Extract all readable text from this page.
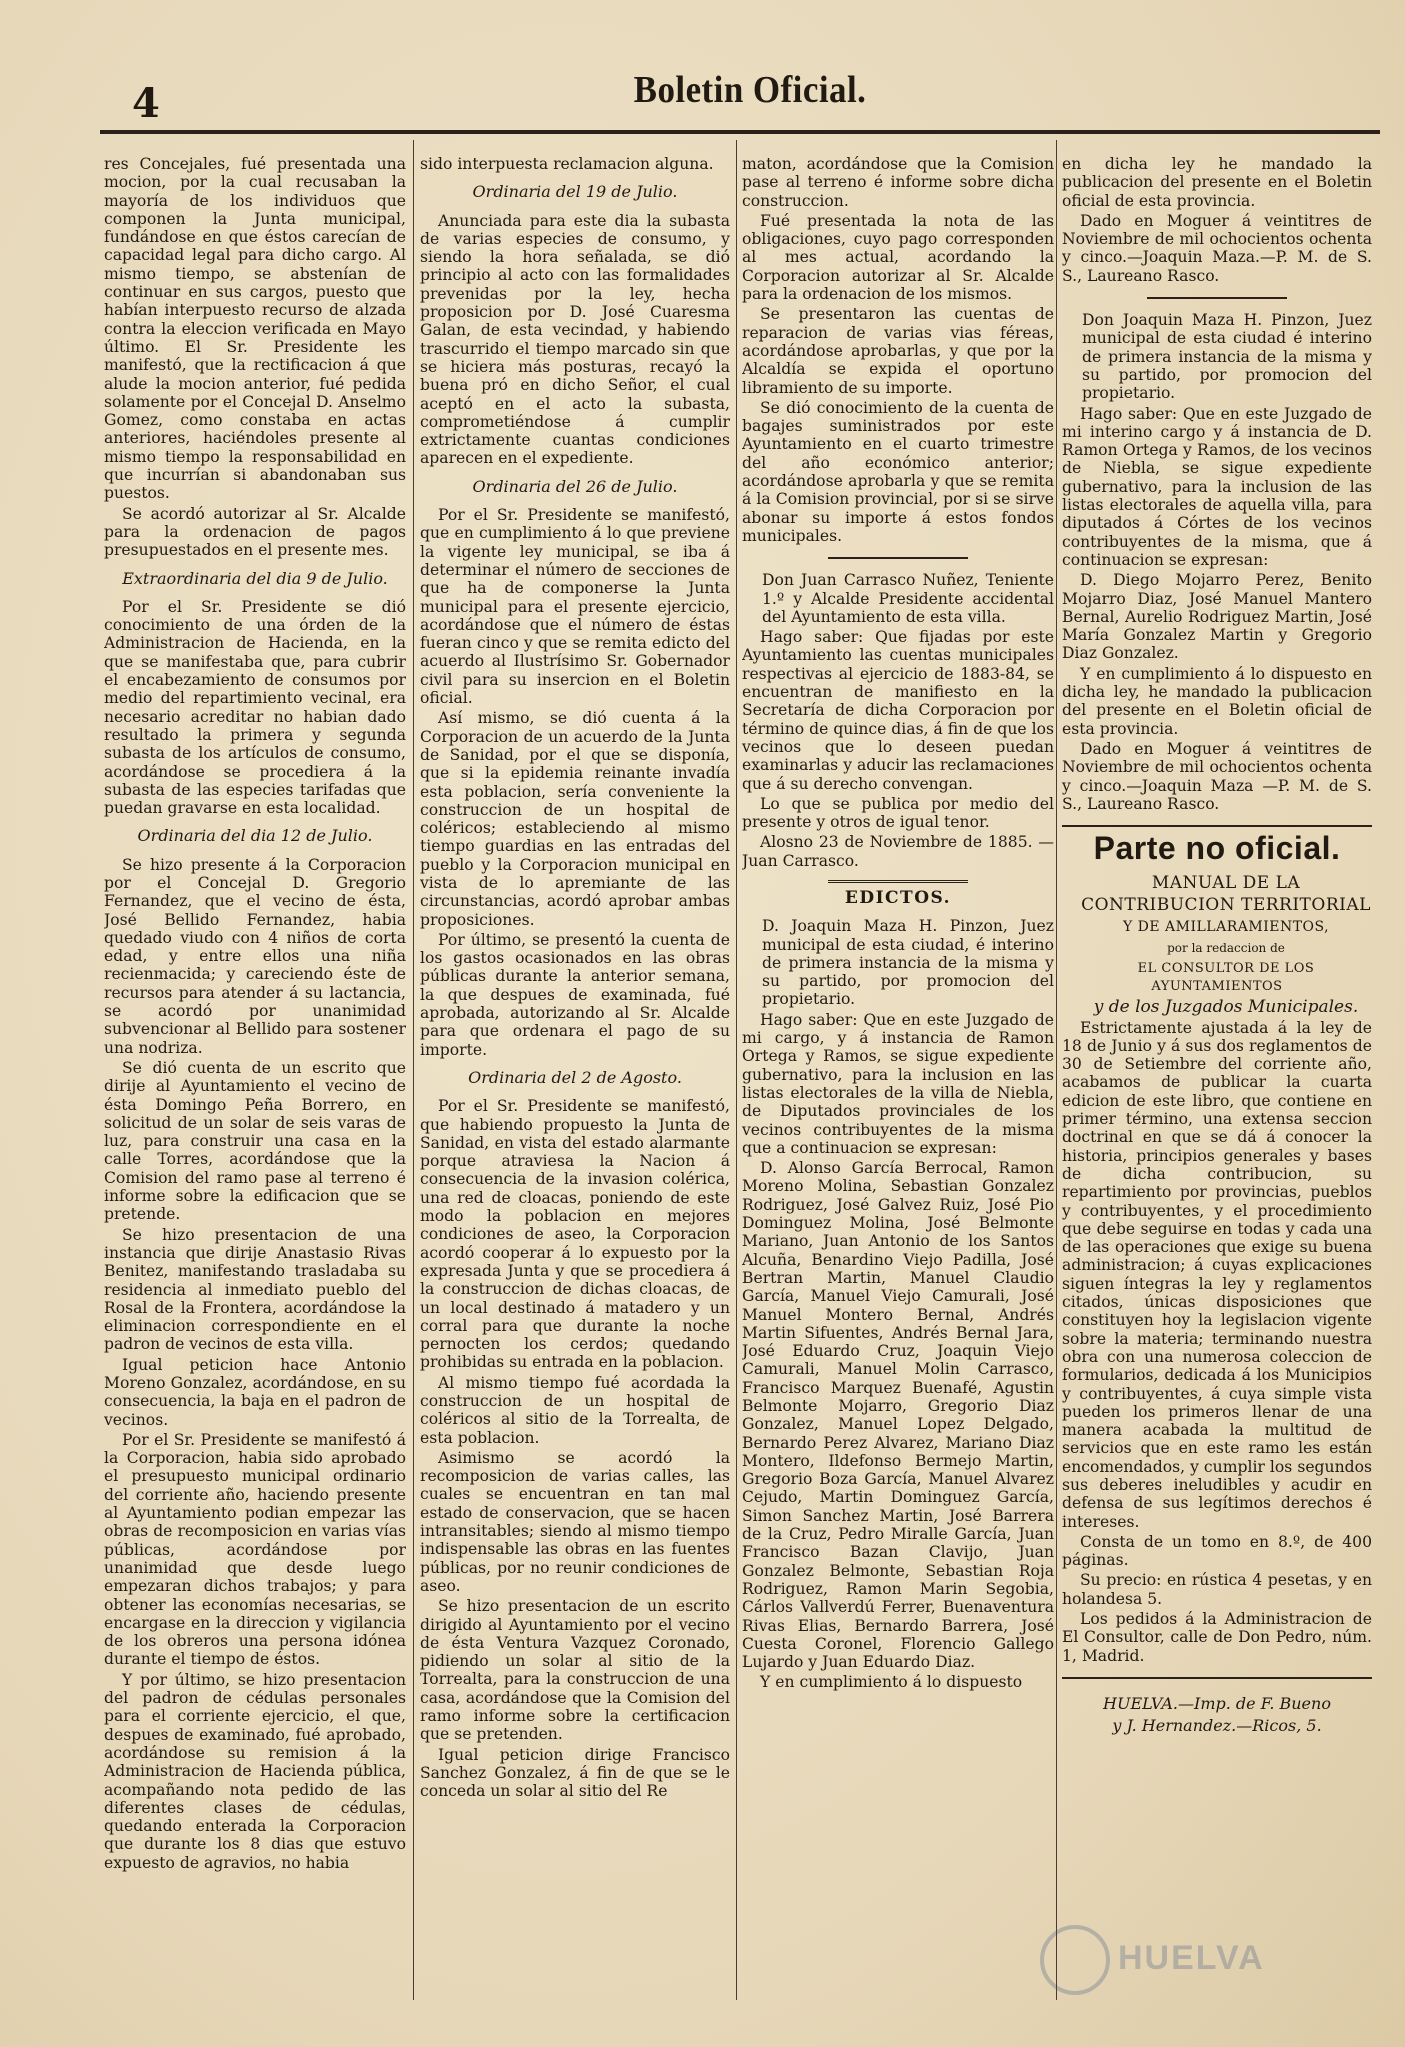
4	Boletin Oficial.

res Concejales, fué presentada una mocion, por la cual recusaban la mayoría de los individuos que componen la Junta municipal, fundándose en que éstos carecían de capacidad legal para dicho cargo. Al mismo tiempo, se abstenían de continuar en sus cargos, puesto que habían interpuesto recurso de alzada contra la eleccion verificada en Mayo último. El Sr. Presidente les manifestó, que la rectificacion á que alude la mocion anterior, fué pedida solamente por el Concejal D. Anselmo Gomez, como constaba en actas anteriores, haciéndoles presente al mismo tiempo la responsabilidad en que incurrían si abandonaban sus puestos.

Se acordó autorizar al Sr. Alcalde para la ordenacion de pagos presupuestados en el presente mes.

Extraordinaria del dia 9 de Julio.

Por el Sr. Presidente se dió conocimiento de una órden de la Administracion de Hacienda, en la que se manifestaba que, para cubrir el encabezamiento de consumos por medio del repartimiento vecinal, era necesario acreditar no habian dado resultado la primera y segunda subasta de los artículos de consumo, acordándose se procediera á la subasta de las especies tarifadas que puedan gravarse en esta localidad.

Ordinaria del dia 12 de Julio.

Se hizo presente á la Corporacion por el Concejal D. Gregorio Fernandez, que el vecino de ésta, José Bellido Fernandez, habia quedado viudo con 4 niños de corta edad, y entre ellos una niña recienmacida; y careciendo éste de recursos para atender á su lactancia, se acordó por unanimidad subvencionar al Bellido para sostener una nodriza.

Se dió cuenta de un escrito que dirije al Ayuntamiento el vecino de ésta Domingo Peña Borrero, en solicitud de un solar de seis varas de luz, para construir una casa en la calle Torres, acordándose que la Comision del ramo pase al terreno é informe sobre la edificacion que se pretende.

Se hizo presentacion de una instancia que dirije Anastasio Rivas Benitez, manifestando trasladaba su residencia al inmediato pueblo del Rosal de la Frontera, acordándose la eliminacion correspondiente en el padron de vecinos de esta villa.

Igual peticion hace Antonio Moreno Gonzalez, acordándose, en su consecuencia, la baja en el padron de vecinos.

Por el Sr. Presidente se manifestó á la Corporacion, habia sido aprobado el presupuesto municipal ordinario del corriente año, haciendo presente al Ayuntamiento podian empezar las obras de recomposicion en varias vías públicas, acordándose por unanimidad que desde luego empezaran dichos trabajos; y para obtener las economías necesarias, se encargase en la direccion y vigilancia de los obreros una persona idónea durante el tiempo de éstos.

Y por último, se hizo presentacion del padron de cédulas personales para el corriente ejercicio, el que, despues de examinado, fué aprobado, acordándose su remision á la Administracion de Hacienda pública, acompañando nota pedido de las diferentes clases de cédulas, quedando enterada la Corporacion que durante los 8 dias que estuvo expuesto de agravios, no habia

sido interpuesta reclamacion alguna.

Ordinaria del 19 de Julio.

Anunciada para este dia la subasta de varias especies de consumo, y siendo la hora señalada, se dió principio al acto con las formalidades prevenidas por la ley, hecha proposicion por D. José Cuaresma Galan, de esta vecindad, y habiendo trascurrido el tiempo marcado sin que se hiciera más posturas, recayó la buena pró en dicho Señor, el cual aceptó en el acto la subasta, comprometiéndose á cumplir extrictamente cuantas condiciones aparecen en el expediente.

Ordinaria del 26 de Julio.

Por el Sr. Presidente se manifestó, que en cumplimiento á lo que previene la vigente ley municipal, se iba á determinar el número de secciones de que ha de componerse la Junta municipal para el presente ejercicio, acordándose que el número de éstas fueran cinco y que se remita edicto del acuerdo al Ilustrísimo Sr. Gobernador civil para su insercion en el Boletin oficial.

Así mismo, se dió cuenta á la Corporacion de un acuerdo de la Junta de Sanidad, por el que se disponía, que si la epidemia reinante invadía esta poblacion, sería conveniente la construccion de un hospital de coléricos; estableciendo al mismo tiempo guardias en las entradas del pueblo y la Corporacion municipal en vista de lo apremiante de las circunstancias, acordó aprobar ambas proposiciones.

Por último, se presentó la cuenta de los gastos ocasionados en las obras públicas durante la anterior semana, la que despues de examinada, fué aprobada, autorizando al Sr. Alcalde para que ordenara el pago de su importe.

Ordinaria del 2 de Agosto.

Por el Sr. Presidente se manifestó, que habiendo propuesto la Junta de Sanidad, en vista del estado alarmante porque atraviesa la Nacion á consecuencia de la invasion colérica, una red de cloacas, poniendo de este modo la poblacion en mejores condiciones de aseo, la Corporacion acordó cooperar á lo expuesto por la expresada Junta y que se procediera á la construccion de dichas cloacas, de un local destinado á matadero y un corral para que durante la noche pernocten los cerdos; quedando prohibidas su entrada en la poblacion.

Al mismo tiempo fué acordada la construccion de un hospital de coléricos al sitio de la Torrealta, de esta poblacion.

Asimismo se acordó la recomposicion de varias calles, las cuales se encuentran en tan mal estado de conservacion, que se hacen intransitables; siendo al mismo tiempo indispensable las obras en las fuentes públicas, por no reunir condiciones de aseo.

Se hizo presentacion de un escrito dirigido al Ayuntamiento por el vecino de ésta Ventura Vazquez Coronado, pidiendo un solar al sitio de la Torrealta, para la construccion de una casa, acordándose que la Comision del ramo informe sobre la certificacion que se pretenden.

Igual peticion dirige Francisco Sanchez Gonzalez, á fin de que se le conceda un solar al sitio del Re

maton, acordándose que la Comision pase al terreno é informe sobre dicha construccion.

Fué presentada la nota de las obligaciones, cuyo pago corresponden al mes actual, acordando la Corporacion autorizar al Sr. Alcalde para la ordenacion de los mismos.

Se presentaron las cuentas de reparacion de varias vias féreas, acordándose aprobarlas, y que por la Alcaldía se expida el oportuno libramiento de su importe.

Se dió conocimiento de la cuenta de bagajes suministrados por este Ayuntamiento en el cuarto trimestre del año económico anterior; acordándose aprobarla y que se remita á la Comision provincial, por si se sirve abonar su importe á estos fondos municipales.

Don Juan Carrasco Nuñez, Teniente 1.º y Alcalde Presidente accidental del Ayuntamiento de esta villa.

Hago saber: Que fijadas por este Ayuntamiento las cuentas municipales respectivas al ejercicio de 1883-84, se encuentran de manifiesto en la Secretaría de dicha Corporacion por término de quince dias, á fin de que los vecinos que lo deseen puedan examinarlas y aducir las reclamaciones que á su derecho convengan.

Lo que se publica por medio del presente y otros de igual tenor.

Alosno 23 de Noviembre de 1885. —Juan Carrasco.

EDICTOS.

D. Joaquin Maza H. Pinzon, Juez municipal de esta ciudad, é interino de primera instancia de la misma y su partido, por promocion del propietario.

Hago saber: Que en este Juzgado de mi cargo, y á instancia de Ramon Ortega y Ramos, se sigue expediente gubernativo, para la inclusion en las listas electorales de la villa de Niebla, de Diputados provinciales de los vecinos contribuyentes de la misma que a continuacion se expresan:

D. Alonso García Berrocal, Ramon Moreno Molina, Sebastian Gonzalez Rodriguez, José Galvez Ruiz, José Pio Dominguez Molina, José Belmonte Mariano, Juan Antonio de los Santos Alcuña, Benardino Viejo Padilla, José Bertran Martin, Manuel Claudio García, Manuel Viejo Camurali, José Manuel Montero Bernal, Andrés Martin Sifuentes, Andrés Bernal Jara, José Eduardo Cruz, Joaquin Viejo Camurali, Manuel Molin Carrasco, Francisco Marquez Buenafé, Agustin Belmonte Mojarro, Gregorio Diaz Gonzalez, Manuel Lopez Delgado, Bernardo Perez Alvarez, Mariano Diaz Montero, Ildefonso Bermejo Martin, Gregorio Boza García, Manuel Alvarez Cejudo, Martin Dominguez García, Simon Sanchez Martin, José Barrera de la Cruz, Pedro Miralle García, Juan Francisco Bazan Clavijo, Juan Gonzalez Belmonte, Sebastian Roja Rodriguez, Ramon Marin Segobia, Cárlos Vallverdú Ferrer, Buenaventura Rivas Elias, Bernardo Barrera, José Cuesta Coronel, Florencio Gallego Lujardo y Juan Eduardo Diaz.

Y en cumplimiento á lo dispuesto

en dicha ley he mandado la publicacion del presente en el Boletin oficial de esta provincia.

Dado en Moguer á veintitres de Noviembre de mil ochocientos ochenta y cinco.—Joaquin Maza.—P. M. de S. S., Laureano Rasco.

Don Joaquin Maza H. Pinzon, Juez municipal de esta ciudad é interino de primera instancia de la misma y su partido, por promocion del propietario.

Hago saber: Que en este Juzgado de mi interino cargo y á instancia de D. Ramon Ortega y Ramos, de los vecinos de Niebla, se sigue expediente gubernativo, para la inclusion de las listas electorales de aquella villa, para diputados á Córtes de los vecinos contribuyentes de la misma, que á continuacion se expresan:

D. Diego Mojarro Perez, Benito Mojarro Diaz, José Manuel Mantero Bernal, Aurelio Rodriguez Martin, José María Gonzalez Martin y Gregorio Diaz Gonzalez.

Y en cumplimiento á lo dispuesto en dicha ley, he mandado la publicacion del presente en el Boletin oficial de esta provincia.

Dado en Moguer á veintitres de Noviembre de mil ochocientos ochenta y cinco.—Joaquin Maza —P. M. de S. S., Laureano Rasco.

Parte no oficial.

MANUAL DE LA

CONTRIBUCION TERRITORIAL

Y DE AMILLARAMIENTOS,

por la redaccion de

EL CONSULTOR DE LOS AYUNTAMIENTOS

y de los Juzgados Municipales.

Estrictamente ajustada á la ley de 18 de Junio y á sus dos reglamentos de 30 de Setiembre del corriente año, acabamos de publicar la cuarta edicion de este libro, que contiene en primer término, una extensa seccion doctrinal en que se dá á conocer la historia, principios generales y bases de dicha contribucion, su repartimiento por provincias, pueblos y contribuyentes, y el procedimiento que debe seguirse en todas y cada una de las operaciones que exige su buena administracion; á cuyas explicaciones siguen íntegras la ley y reglamentos citados, únicas disposiciones que constituyen hoy la legislacion vigente sobre la materia; terminando nuestra obra con una numerosa coleccion de formularios, dedicada á los Municipios y contribuyentes, á cuya simple vista pueden los primeros llenar de una manera acabada la multitud de servicios que en este ramo les están encomendados, y cumplir los segundos sus deberes ineludibles y acudir en defensa de sus legítimos derechos é intereses.

Consta de un tomo en 8.º, de 400 páginas.

Su precio: en rústica 4 pesetas, y en holandesa 5.

Los pedidos á la Administracion de El Consultor, calle de Don Pedro, núm. 1, Madrid.

HUELVA.—Imp. de F. Bueno
y J. Hernandez.—Ricos, 5.
HUELVA
